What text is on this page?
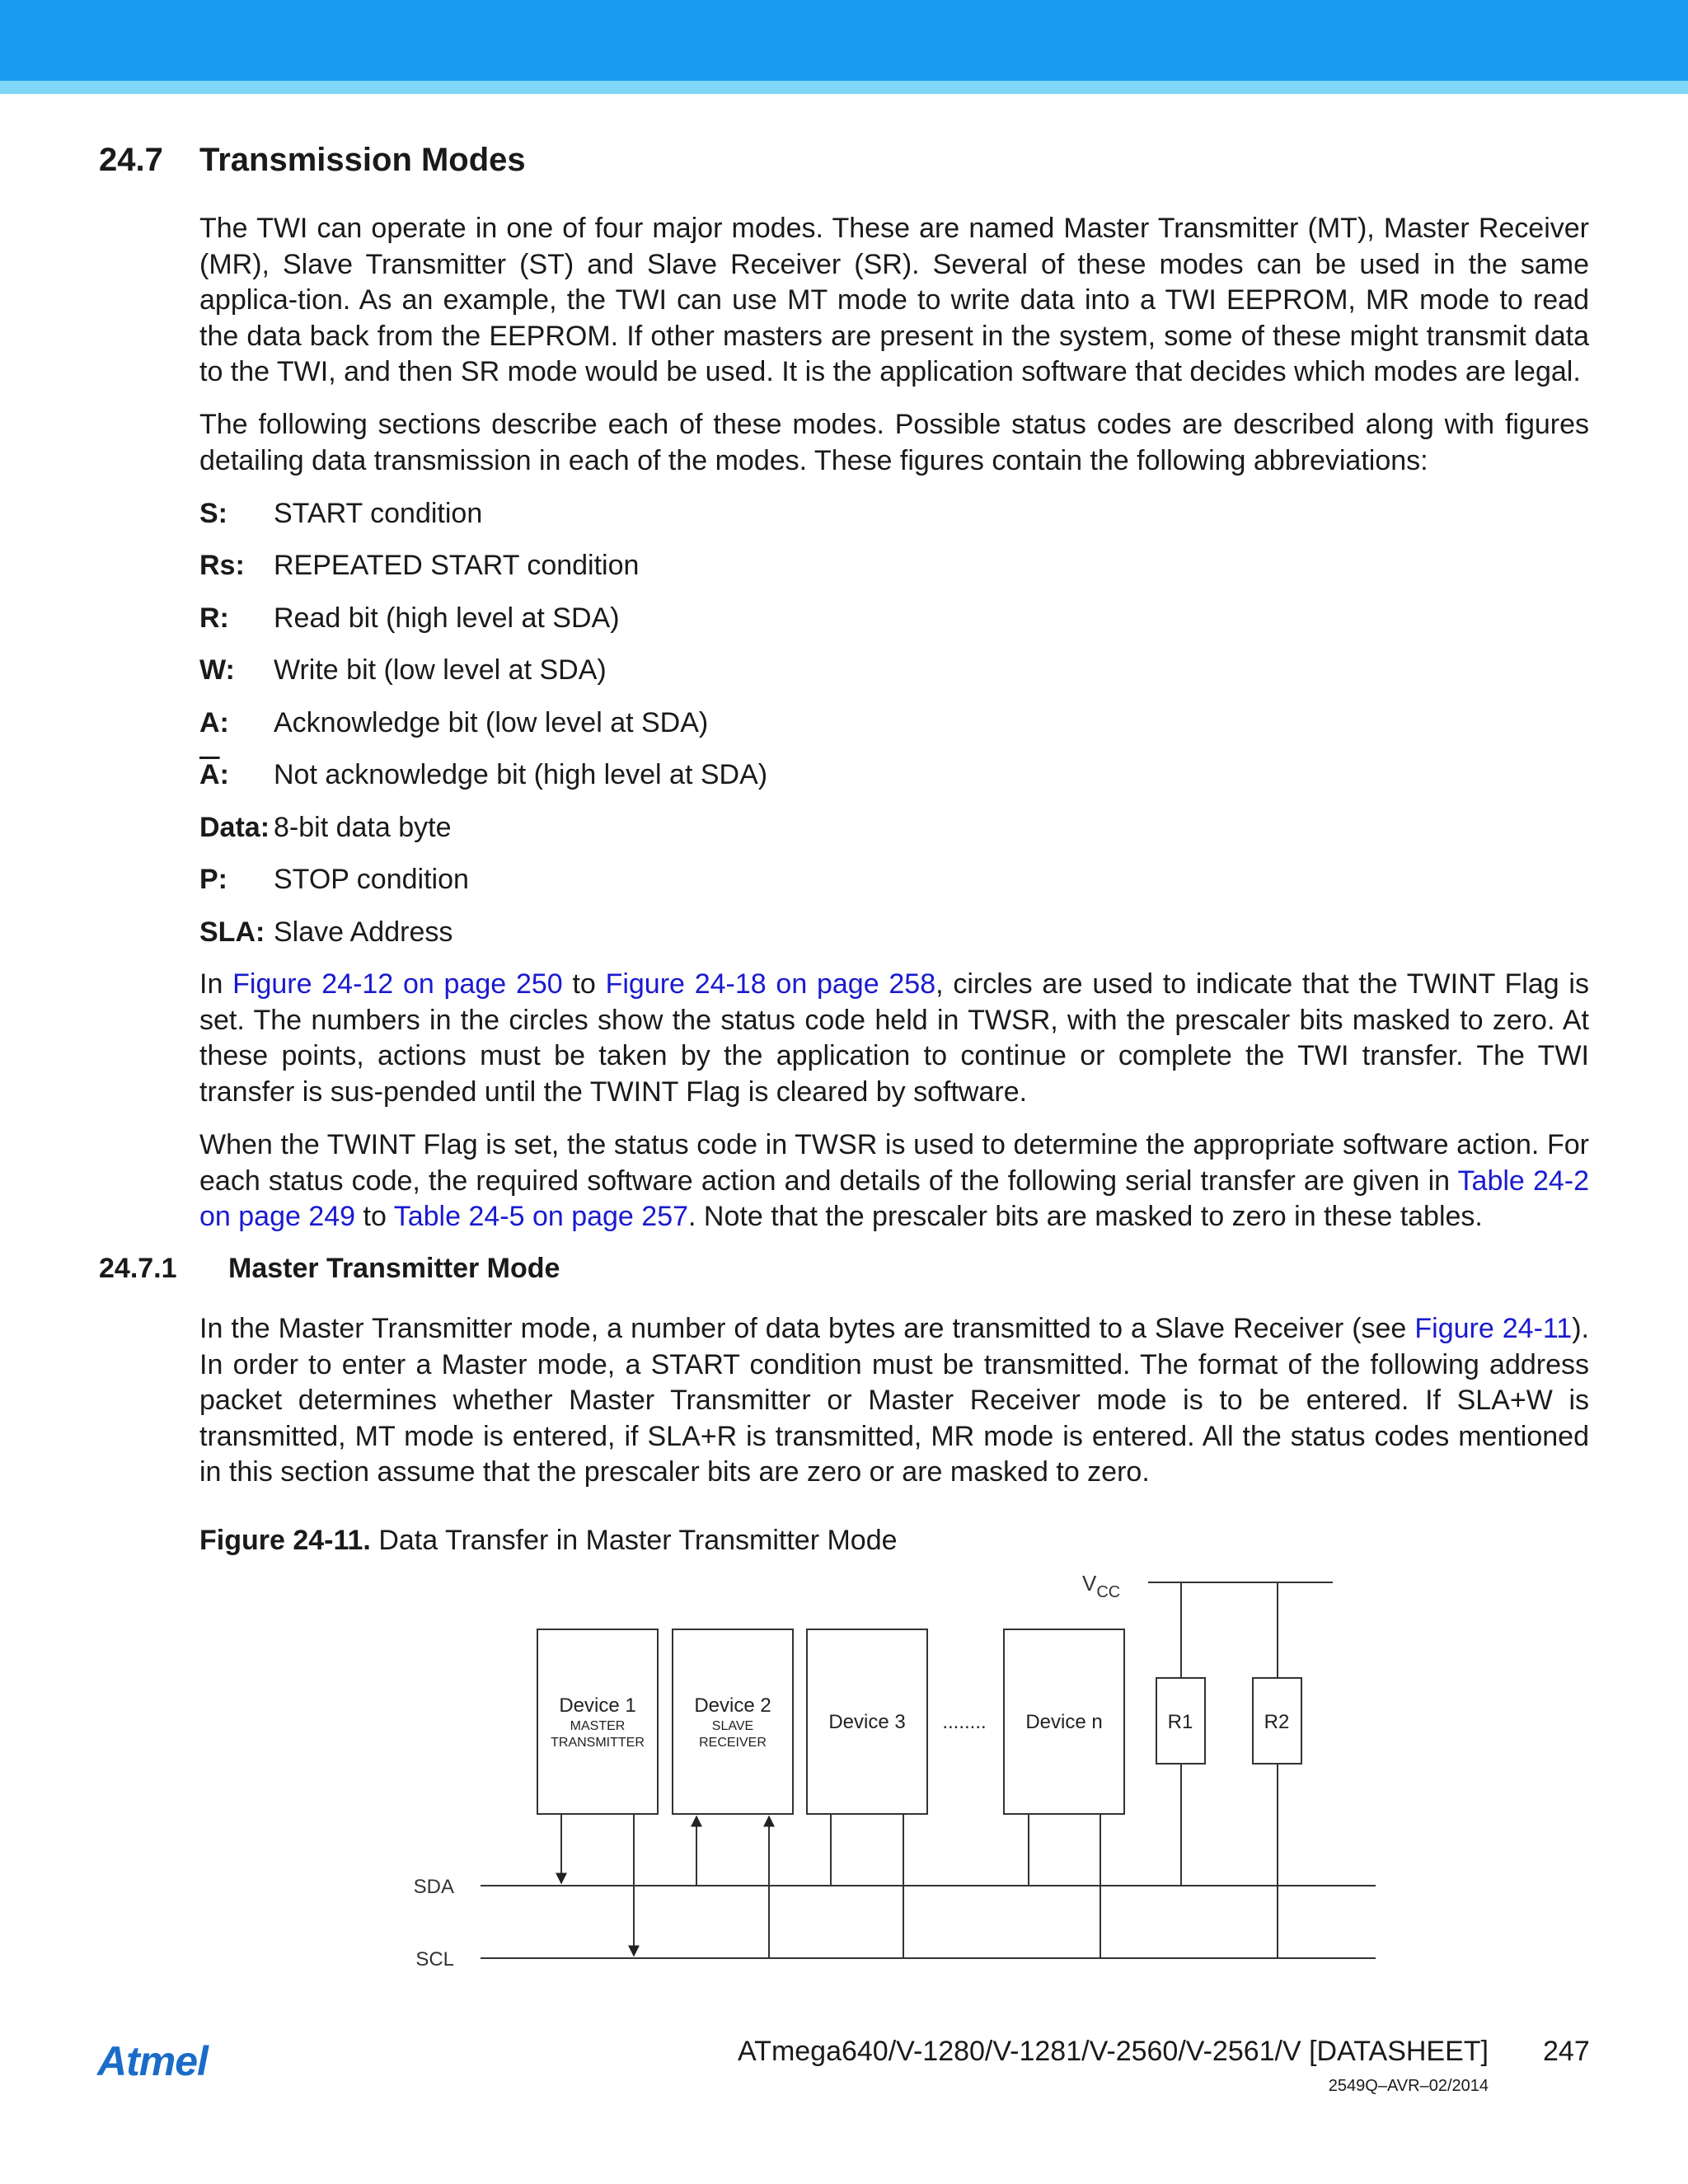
24.7 Transmission Modes

The TWI can operate in one of four major modes. These are named Master Transmitter (MT), Master Receiver (MR), Slave Transmitter (ST) and Slave Receiver (SR). Several of these modes can be used in the same applica-tion. As an example, the TWI can use MT mode to write data into a TWI EEPROM, MR mode to read the data back from the EEPROM. If other masters are present in the system, some of these might transmit data to the TWI, and then SR mode would be used. It is the application software that decides which modes are legal.

The following sections describe each of these modes. Possible status codes are described along with figures detailing data transmission in each of the modes. These figures contain the following abbreviations:

S: START condition
Rs: REPEATED START condition
R: Read bit (high level at SDA)
W: Write bit (low level at SDA)
A: Acknowledge bit (low level at SDA)
$\overline{A}$: Not acknowledge bit (high level at SDA)
Data: 8-bit data byte
P: STOP condition
SLA: Slave Address

In Figure 24-12 on page 250 to Figure 24-18 on page 258, circles are used to indicate that the TWINT Flag is set. The numbers in the circles show the status code held in TWSR, with the prescaler bits masked to zero. At these points, actions must be taken by the application to continue or complete the TWI transfer. The TWI transfer is sus-pended until the TWINT Flag is cleared by software.

When the TWINT Flag is set, the status code in TWSR is used to determine the appropriate software action. For each status code, the required software action and details of the following serial transfer are given in Table 24-2 on page 249 to Table 24-5 on page 257. Note that the prescaler bits are masked to zero in these tables.

24.7.1 Master Transmitter Mode

In the Master Transmitter mode, a number of data bytes are transmitted to a Slave Receiver (see Figure 24-11). In order to enter a Master mode, a START condition must be transmitted. The format of the following address packet determines whether Master Transmitter or Master Receiver mode is to be entered. If SLA+W is transmitted, MT mode is entered, if SLA+R is transmitted, MR mode is entered. All the status codes mentioned in this section assume that the prescaler bits are zero or are masked to zero.

Figure 24-11. Data Transfer in Master Transmitter Mode
$V_{CC}$
SDA
SCL
Device 1
MASTER
TRANSMITTER
Device 2
SLAVE
RECEIVER
Device 3 ........ Device n	R1	R2
Atmel	ATmega640/V-1280/V-1281/V-2560/V-2561/V [DATASHEET] 247
2549Q–AVR–02/2014
